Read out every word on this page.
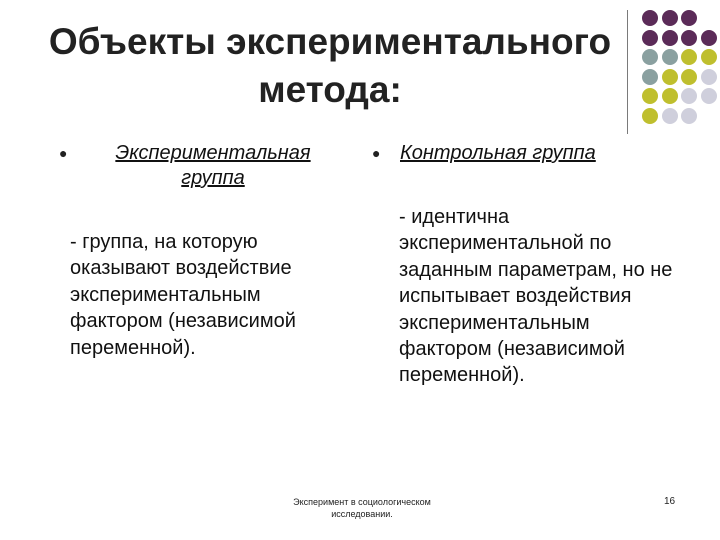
Объекты экспериментального метода:
●	Экспериментальная группа
● Контрольная группа
- группа, на которую оказывают воздействие экспериментальным фактором (независимой переменной).
- идентична экспериментальной по заданным параметрам, но не испытывает воздействия экспериментальным фактором (независимой переменной).
Эксперимент в социологическом исследовании.
16
